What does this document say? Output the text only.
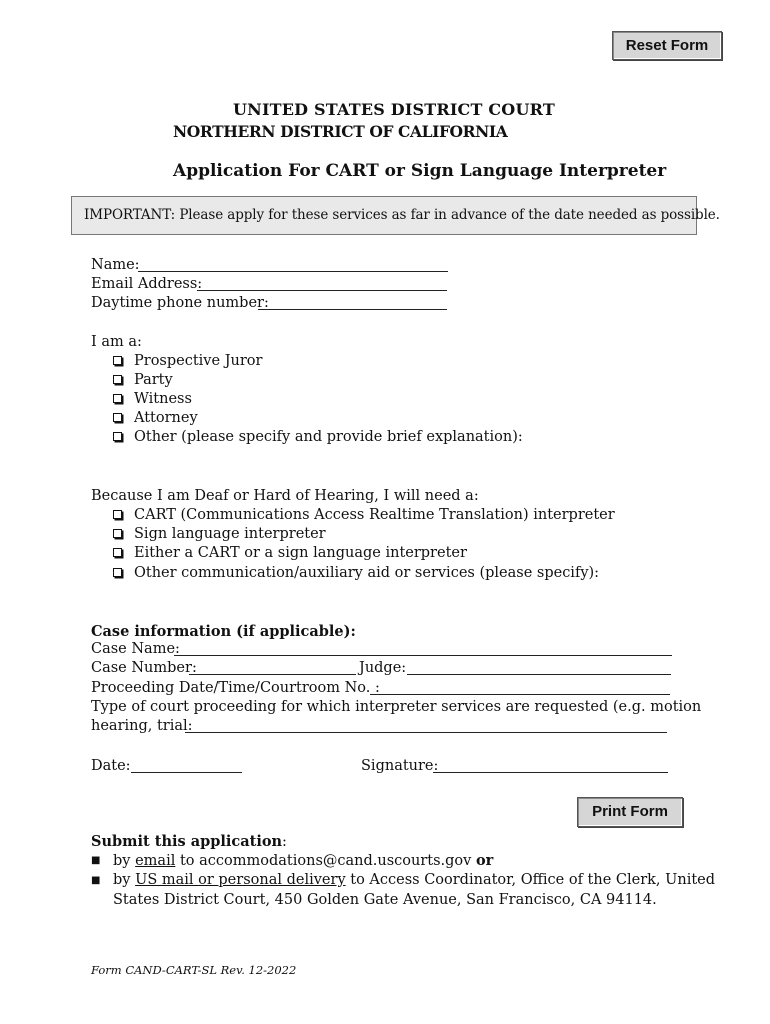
Reset Form
UNITED STATES DISTRICT COURT
NORTHERN DISTRICT OF CALIFORNIA
Application For CART or Sign Language Interpreter
IMPORTANT: Please apply for these services as far in advance of the date needed as possible.
Name:
Email Address:
Daytime phone number:
I am a:
Prospective Juror
Party
Witness
Attorney
Other (please specify and provide brief explanation):
Because I am Deaf or Hard of Hearing, I will need a:
CART (Communications Access Realtime Translation) interpreter
Sign language interpreter
Either a CART or a sign language interpreter
Other communication/auxiliary aid or services (please specify):
Case information (if applicable):
Case Name:
Case Number:	Judge:
Proceeding Date/Time/Courtroom No. :
Type of court proceeding for which interpreter services are requested (e.g. motion
hearing, trial:
Date:	Signature:
Print Form
Submit this application:
■ by email to accommodations@cand.uscourts.gov or
■ by US mail or personal delivery to Access Coordinator, Office of the Clerk, United
States District Court, 450 Golden Gate Avenue, San Francisco, CA 94114.
Form CAND-CART-SL Rev. 12-2022
